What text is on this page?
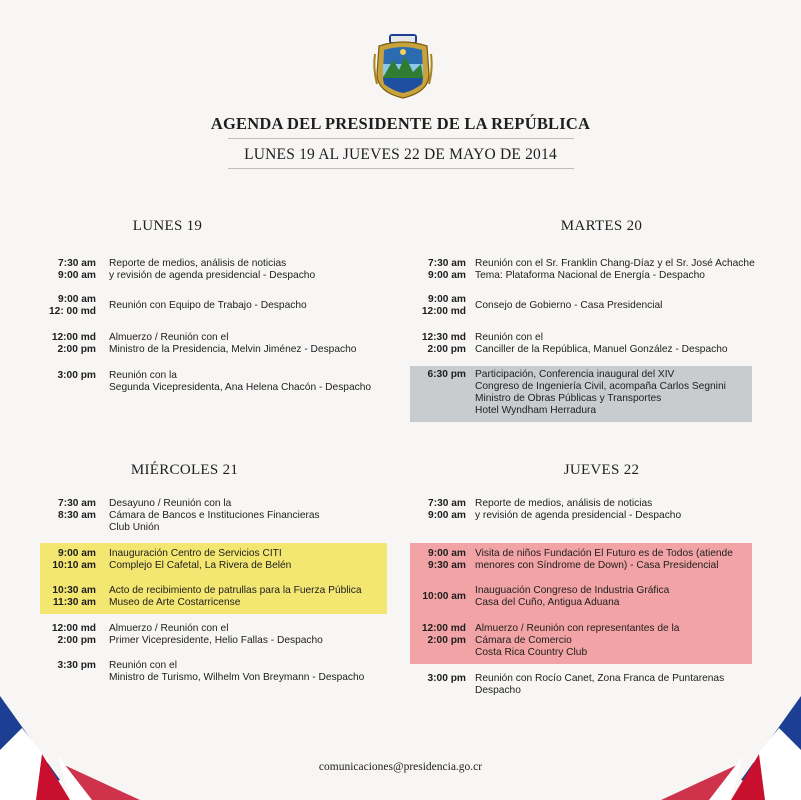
AGENDA DEL PRESIDENTE DE LA REPÚBLICA
LUNES 19 AL JUEVES 22 DE MAYO DE 2014
LUNES 19
7:30 am
9:00 am
Reporte de medios, análisis de noticias
y revisión de agenda presidencial - Despacho
9:00 am
12: 00 md
Reunión con Equipo de Trabajo - Despacho
12:00 md
2:00 pm
Almuerzo / Reunión con el
Ministro de la Presidencia, Melvin Jiménez - Despacho
3:00 pm Reunión con la
Segunda Vicepresidenta, Ana Helena Chacón - Despacho
MARTES 20
7:30 am
9:00 am
Reunión con el Sr. Franklin Chang-Díaz y el Sr. José Achache
Tema: Plataforma Nacional de Energía - Despacho
9:00 am
12:00 md
Consejo de Gobierno - Casa Presidencial
12:30 md
2:00 pm
Reunión con el
Canciller de la República, Manuel González - Despacho
6:30 pm Participación, Conferencia inaugural del XIV
Congreso de Ingeniería Civil, acompaña Carlos Segnini
Ministro de Obras Públicas y Transportes
Hotel Wyndham Herradura
MIÉRCOLES 21
7:30 am
8:30 am
Desayuno / Reunión con la
Cámara de Bancos e Instituciones Financieras
Club Unión
9:00 am
10:10 am
Inauguración Centro de Servicios CITI
Complejo El Cafetal, La Rivera de Belén
10:30 am
11:30 am
Acto de recibimiento de patrullas para la Fuerza Pública
Museo de Arte Costarricense
12:00 md
2:00 pm
Almuerzo / Reunión con el
Primer Vicepresidente, Helio Fallas - Despacho
3:30 pm Reunión con el
Ministro de Turismo, Wilhelm Von Breymann - Despacho
JUEVES 22
7:30 am
9:00 am
Reporte de medios, análisis de noticias
y revisión de agenda presidencial - Despacho
9:00 am
9:30 am
Visita de niños Fundación El Futuro es de Todos (atiende
menores con Síndrome de Down) - Casa Presidencial
10:00 am
Inauguación Congreso de Industria Gráfica
Casa del Cuño, Antigua Aduana
12:00 md
2:00 pm
Almuerzo / Reunión con representantes de la
Cámara de Comercio
Costa Rica Country Club
3:00 pm Reunión con Rocío Canet, Zona Franca de Puntarenas
Despacho
comunicaciones@presidencia.go.cr
